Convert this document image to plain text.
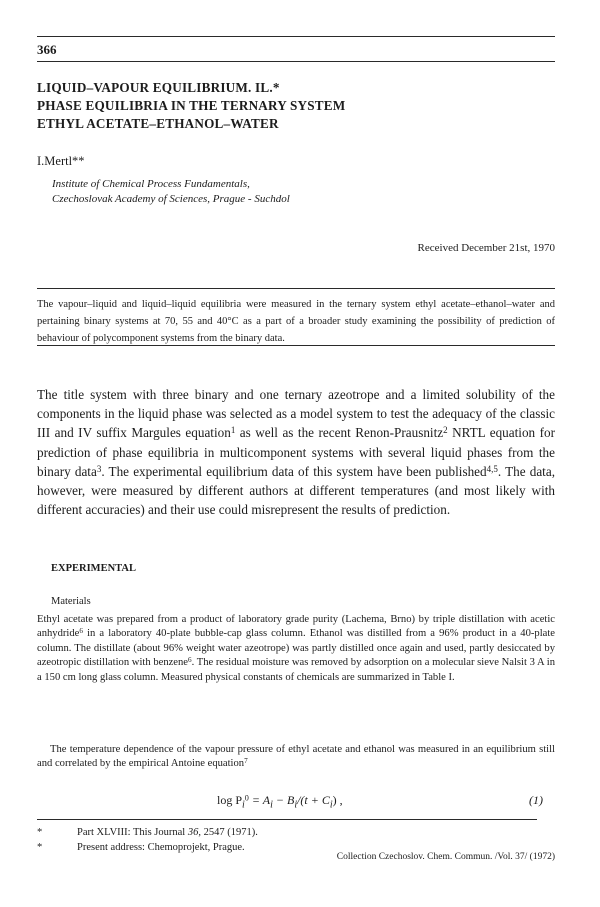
366
LIQUID–VAPOUR EQUILIBRIUM. IL.*
PHASE EQUILIBRIA IN THE TERNARY SYSTEM
ETHYL ACETATE–ETHANOL–WATER
I.Mertl**
Institute of Chemical Process Fundamentals,
Czechoslovak Academy of Sciences, Prague - Suchdol
Received December 21st, 1970
The vapour–liquid and liquid–liquid equilibria were measured in the ternary system ethyl acetate–ethanol–water and pertaining binary systems at 70, 55 and 40°C as a part of a broader study examining the possibility of prediction of behaviour of polycomponent systems from the binary data.
The title system with three binary and one ternary azeotrope and a limited solubility of the components in the liquid phase was selected as a model system to test the adequacy of the classic III and IV suffix Margules equation$^1$ as well as the recent Renon-Prausnitz$^2$ NRTL equation for prediction of phase equilibria in multicomponent systems with several liquid phases from the binary data$^3$. The experimental equilibrium data of this system have been published$^{4,5}$. The data, however, were measured by different authors at different temperatures (and most likely with different accuracies) and their use could misrepresent the results of prediction.
EXPERIMENTAL
Materials

Ethyl acetate was prepared from a product of laboratory grade purity (Lachema, Brno) by triple distillation with acetic anhydride$^6$ in a laboratory 40-plate bubble-cap glass column. Ethanol was distilled from a 96% product in a 40-plate column. The distillate (about 96% weight water azeotrope) was partly distilled once again and used, partly desiccated by azeotropic distillation with benzene$^6$. The residual moisture was removed by adsorption on a molecular sieve Nalsit 3 A in a 150 cm long glass column. Measured physical constants of chemicals are summarized in Table I.

The temperature dependence of the vapour pressure of ethyl acetate and ethanol was measured in an equilibrium still and correlated by the empirical Antoine equation$^7$

$\log P_i^0 = A_i - B_i/(t + C_i)$ ,	(1)
*	Part XLVIII: This Journal 36, 2547 (1971).
*	Present address: Chemoprojekt, Prague.
Collection Czechoslov. Chem. Commun. /Vol. 37/ (1972)
